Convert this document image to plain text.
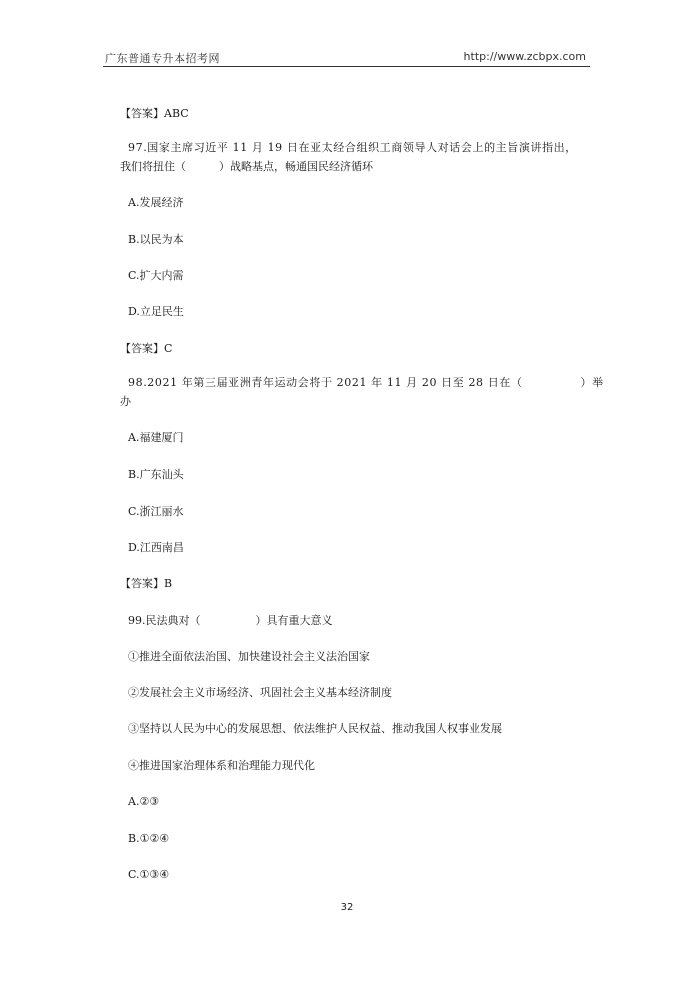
广东普通专升本招考网	http://www.zcbpx.com
【答案】ABC
97.国家主席习近平 11 月 19 日在亚太经合组织工商领导人对话会上的主旨演讲指出，
我们将扭住（　　　）战略基点，畅通国民经济循环
A.发展经济
B.以民为本
C.扩大内需
D.立足民生
【答案】C
98.2021 年第三届亚洲青年运动会将于 2021 年 11 月 20 日至 28 日在（　　　　　）举
办
A.福建厦门
B.广东汕头
C.浙江丽水
D.江西南昌
【答案】B
99.民法典对（　　　　　）具有重大意义
①推进全面依法治国、加快建设社会主义法治国家
②发展社会主义市场经济、巩固社会主义基本经济制度
③坚持以人民为中心的发展思想、依法维护人民权益、推动我国人权事业发展
④推进国家治理体系和治理能力现代化
A.②③
B.①②④
C.①③④
32
